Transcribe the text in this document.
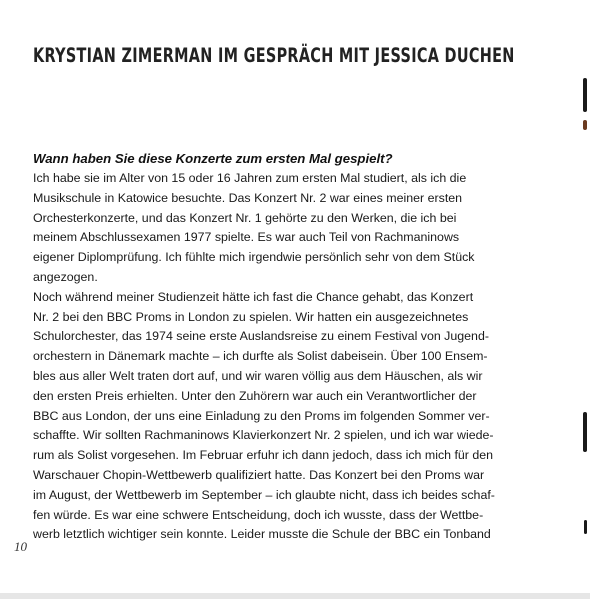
KRYSTIAN ZIMERMAN IM GESPRÄCH MIT JESSICA DUCHEN
Wann haben Sie diese Konzerte zum ersten Mal gespielt?
Ich habe sie im Alter von 15 oder 16 Jahren zum ersten Mal studiert, als ich die
Musikschule in Katowice besuchte. Das Konzert Nr. 2 war eines meiner ersten
Orchesterkonzerte, und das Konzert Nr. 1 gehörte zu den Werken, die ich bei
meinem Abschlussexamen 1977 spielte. Es war auch Teil von Rachmaninows
eigener Diplomprüfung. Ich fühlte mich irgendwie persönlich sehr von dem Stück
angezogen.
Noch während meiner Studienzeit hätte ich fast die Chance gehabt, das Konzert
Nr. 2 bei den BBC Proms in London zu spielen. Wir hatten ein ausgezeichnetes
Schulorchester, das 1974 seine erste Auslandsreise zu einem Festival von Jugend-
orchestern in Dänemark machte – ich durfte als Solist dabeisein. Über 100 Ensem-
bles aus aller Welt traten dort auf, und wir waren völlig aus dem Häuschen, als wir
den ersten Preis erhielten. Unter den Zuhörern war auch ein Verantwortlicher der
BBC aus London, der uns eine Einladung zu den Proms im folgenden Sommer ver-
schaffte. Wir sollten Rachmaninows Klavierkonzert Nr. 2 spielen, und ich war wiede-
rum als Solist vorgesehen. Im Februar erfuhr ich dann jedoch, dass ich mich für den
Warschauer Chopin-Wettbewerb qualifiziert hatte. Das Konzert bei den Proms war
im August, der Wettbewerb im September – ich glaubte nicht, dass ich beides schaf-
fen würde. Es war eine schwere Entscheidung, doch ich wusste, dass der Wettbe-
werb letztlich wichtiger sein konnte. Leider musste die Schule der BBC ein Tonband
10
